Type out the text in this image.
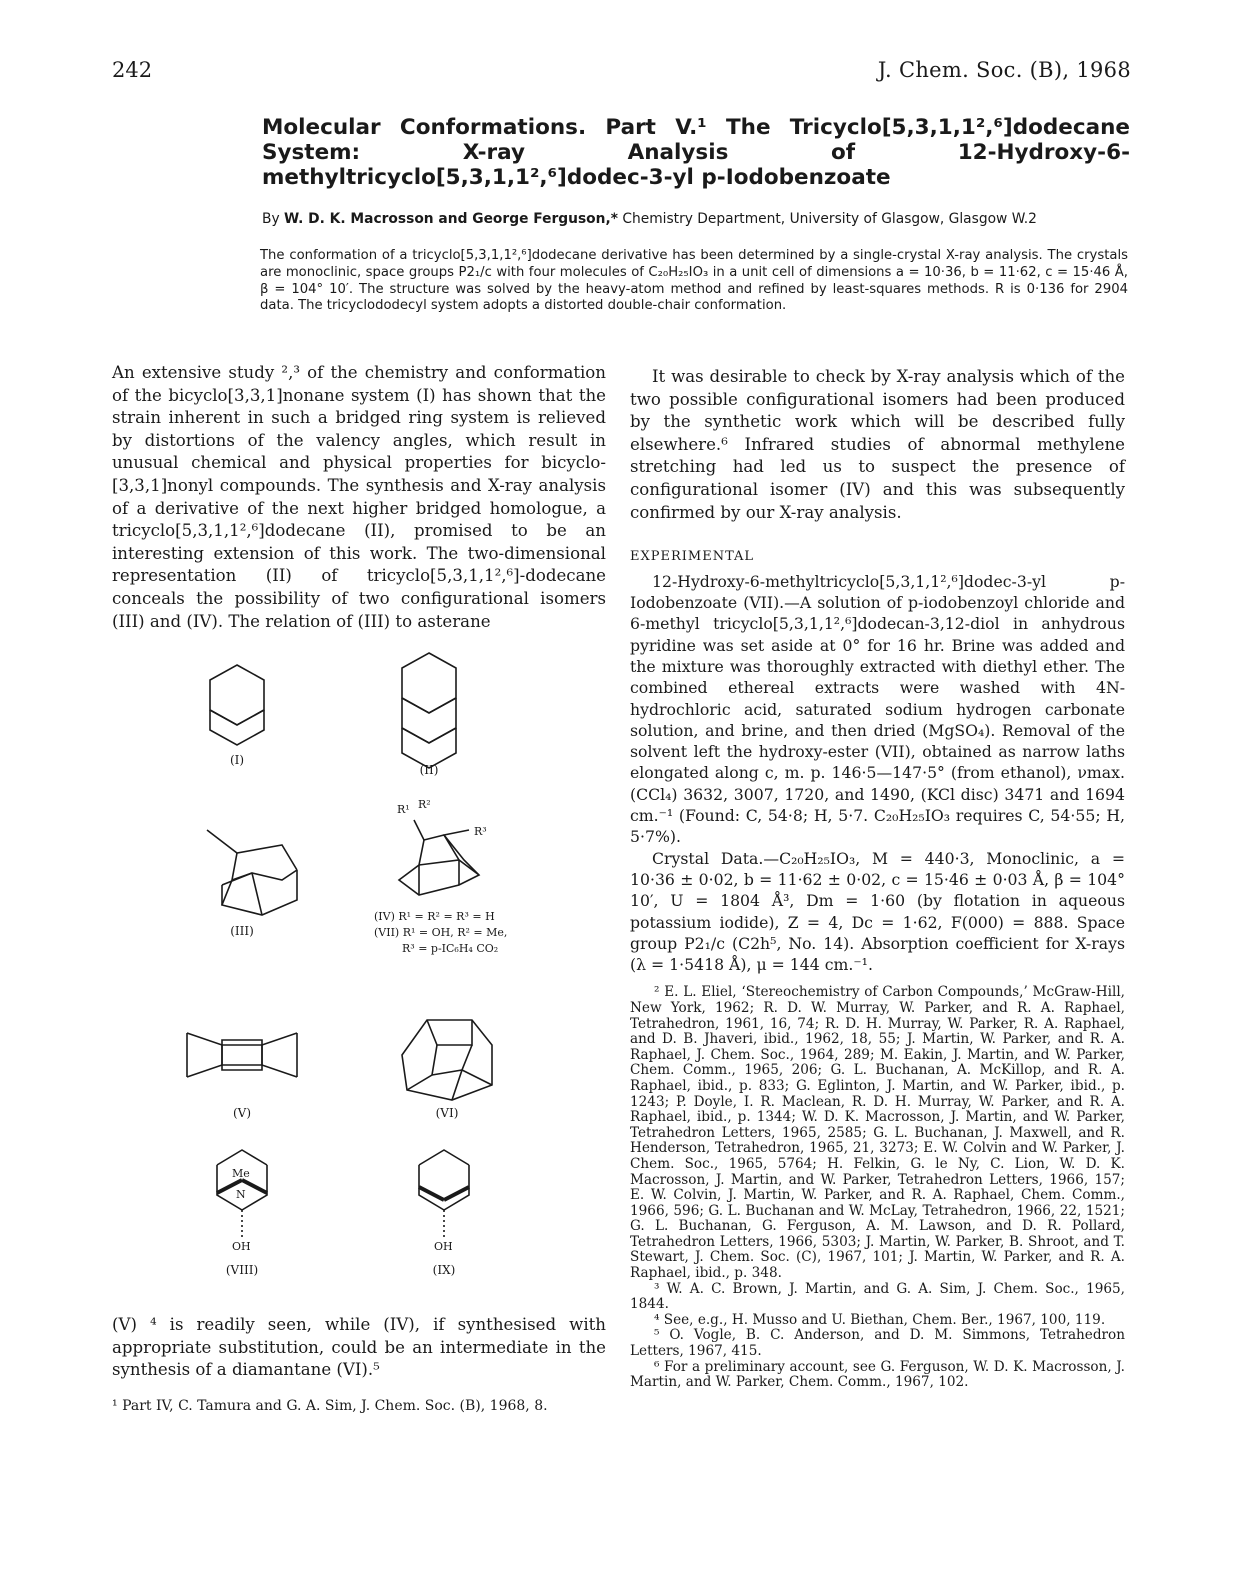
242	J. Chem. Soc. (B), 1968
Molecular Conformations. Part V.¹ The Tricyclo[5,3,1,1²,⁶]dodecane System: X-ray Analysis of 12-Hydroxy-6-methyltricyclo[5,3,1,1²,⁶]dodec-3-yl p-Iodobenzoate
By W. D. K. Macrosson and George Ferguson,* Chemistry Department, University of Glasgow, Glasgow W.2
The conformation of a tricyclo[5,3,1,1²,⁶]dodecane derivative has been determined by a single-crystal X-ray analysis. The crystals are monoclinic, space groups P2₁/c with four molecules of C₂₀H₂₅IO₃ in a unit cell of dimensions a = 10·36, b = 11·62, c = 15·46 Å, β = 104° 10′. The structure was solved by the heavy-atom method and refined by least-squares methods. R is 0·136 for 2904 data. The tricyclododecyl system adopts a distorted double-chair conformation.

An extensive study ²,³ of the chemistry and conformation of the bicyclo[3,3,1]nonane system (I) has shown that the strain inherent in such a bridged ring system is relieved by distortions of the valency angles, which result in unusual chemical and physical properties for bicyclo-[3,3,1]nonyl compounds. The synthesis and X-ray analysis of a derivative of the next higher bridged homologue, a tricyclo[5,3,1,1²,⁶]dodecane (II), promised to be an interesting extension of this work. The two-dimensional representation (II) of tricyclo[5,3,1,1²,⁶]-dodecane conceals the possibility of two configurational isomers (III) and (IV). The relation of (III) to asterane

(I)
(II)
(III)
R¹ R²
R³
(IV) R¹ = R² = R³ = H
(VII) R¹ = OH, R² = Me,
R³ = p-IC₆H₄ CO₂
(V)	(VI)
Me
N
OH
(VIII)
OH
(IX)

(V) ⁴ is readily seen, while (IV), if synthesised with appropriate substitution, could be an intermediate in the synthesis of a diamantane (VI).⁵

¹ Part IV, C. Tamura and G. A. Sim, J. Chem. Soc. (B), 1968, 8.

It was desirable to check by X-ray analysis which of the two possible configurational isomers had been produced by the synthetic work which will be described fully elsewhere.⁶ Infrared studies of abnormal methylene stretching had led us to suspect the presence of configurational isomer (IV) and this was subsequently confirmed by our X-ray analysis.

EXPERIMENTAL

12-Hydroxy-6-methyltricyclo[5,3,1,1²,⁶]dodec-3-yl p-Iodobenzoate (VII).—A solution of p-iodobenzoyl chloride and 6-methyl tricyclo[5,3,1,1²,⁶]dodecan-3,12-diol in anhydrous pyridine was set aside at 0° for 16 hr. Brine was added and the mixture was thoroughly extracted with diethyl ether. The combined ethereal extracts were washed with 4N-hydrochloric acid, saturated sodium hydrogen carbonate solution, and brine, and then dried (MgSO₄). Removal of the solvent left the hydroxy-ester (VII), obtained as narrow laths elongated along c, m. p. 146·5—147·5° (from ethanol), νmax. (CCl₄) 3632, 3007, 1720, and 1490, (KCl disc) 3471 and 1694 cm.⁻¹ (Found: C, 54·8; H, 5·7. C₂₀H₂₅IO₃ requires C, 54·55; H, 5·7%).

Crystal Data.—C₂₀H₂₅IO₃, M = 440·3, Monoclinic, a = 10·36 ± 0·02, b = 11·62 ± 0·02, c = 15·46 ± 0·03 Å, β = 104° 10′, U = 1804 Å³, Dm = 1·60 (by flotation in aqueous potassium iodide), Z = 4, Dc = 1·62, F(000) = 888. Space group P2₁/c (C2h⁵, No. 14). Absorption coefficient for X-rays (λ = 1·5418 Å), μ = 144 cm.⁻¹.

² E. L. Eliel, ‘Stereochemistry of Carbon Compounds,’ McGraw-Hill, New York, 1962; R. D. W. Murray, W. Parker, and R. A. Raphael, Tetrahedron, 1961, 16, 74; R. D. H. Murray, W. Parker, R. A. Raphael, and D. B. Jhaveri, ibid., 1962, 18, 55; J. Martin, W. Parker, and R. A. Raphael, J. Chem. Soc., 1964, 289; M. Eakin, J. Martin, and W. Parker, Chem. Comm., 1965, 206; G. L. Buchanan, A. McKillop, and R. A. Raphael, ibid., p. 833; G. Eglinton, J. Martin, and W. Parker, ibid., p. 1243; P. Doyle, I. R. Maclean, R. D. H. Murray, W. Parker, and R. A. Raphael, ibid., p. 1344; W. D. K. Macrosson, J. Martin, and W. Parker, Tetrahedron Letters, 1965, 2585; G. L. Buchanan, J. Maxwell, and R. Henderson, Tetrahedron, 1965, 21, 3273; E. W. Colvin and W. Parker, J. Chem. Soc., 1965, 5764; H. Felkin, G. le Ny, C. Lion, W. D. K. Macrosson, J. Martin, and W. Parker, Tetrahedron Letters, 1966, 157; E. W. Colvin, J. Martin, W. Parker, and R. A. Raphael, Chem. Comm., 1966, 596; G. L. Buchanan and W. McLay, Tetrahedron, 1966, 22, 1521; G. L. Buchanan, G. Ferguson, A. M. Lawson, and D. R. Pollard, Tetrahedron Letters, 1966, 5303; J. Martin, W. Parker, B. Shroot, and T. Stewart, J. Chem. Soc. (C), 1967, 101; J. Martin, W. Parker, and R. A. Raphael, ibid., p. 348.

³ W. A. C. Brown, J. Martin, and G. A. Sim, J. Chem. Soc., 1965, 1844.

⁴ See, e.g., H. Musso and U. Biethan, Chem. Ber., 1967, 100, 119.

⁵ O. Vogle, B. C. Anderson, and D. M. Simmons, Tetrahedron Letters, 1967, 415.

⁶ For a preliminary account, see G. Ferguson, W. D. K. Macrosson, J. Martin, and W. Parker, Chem. Comm., 1967, 102.
